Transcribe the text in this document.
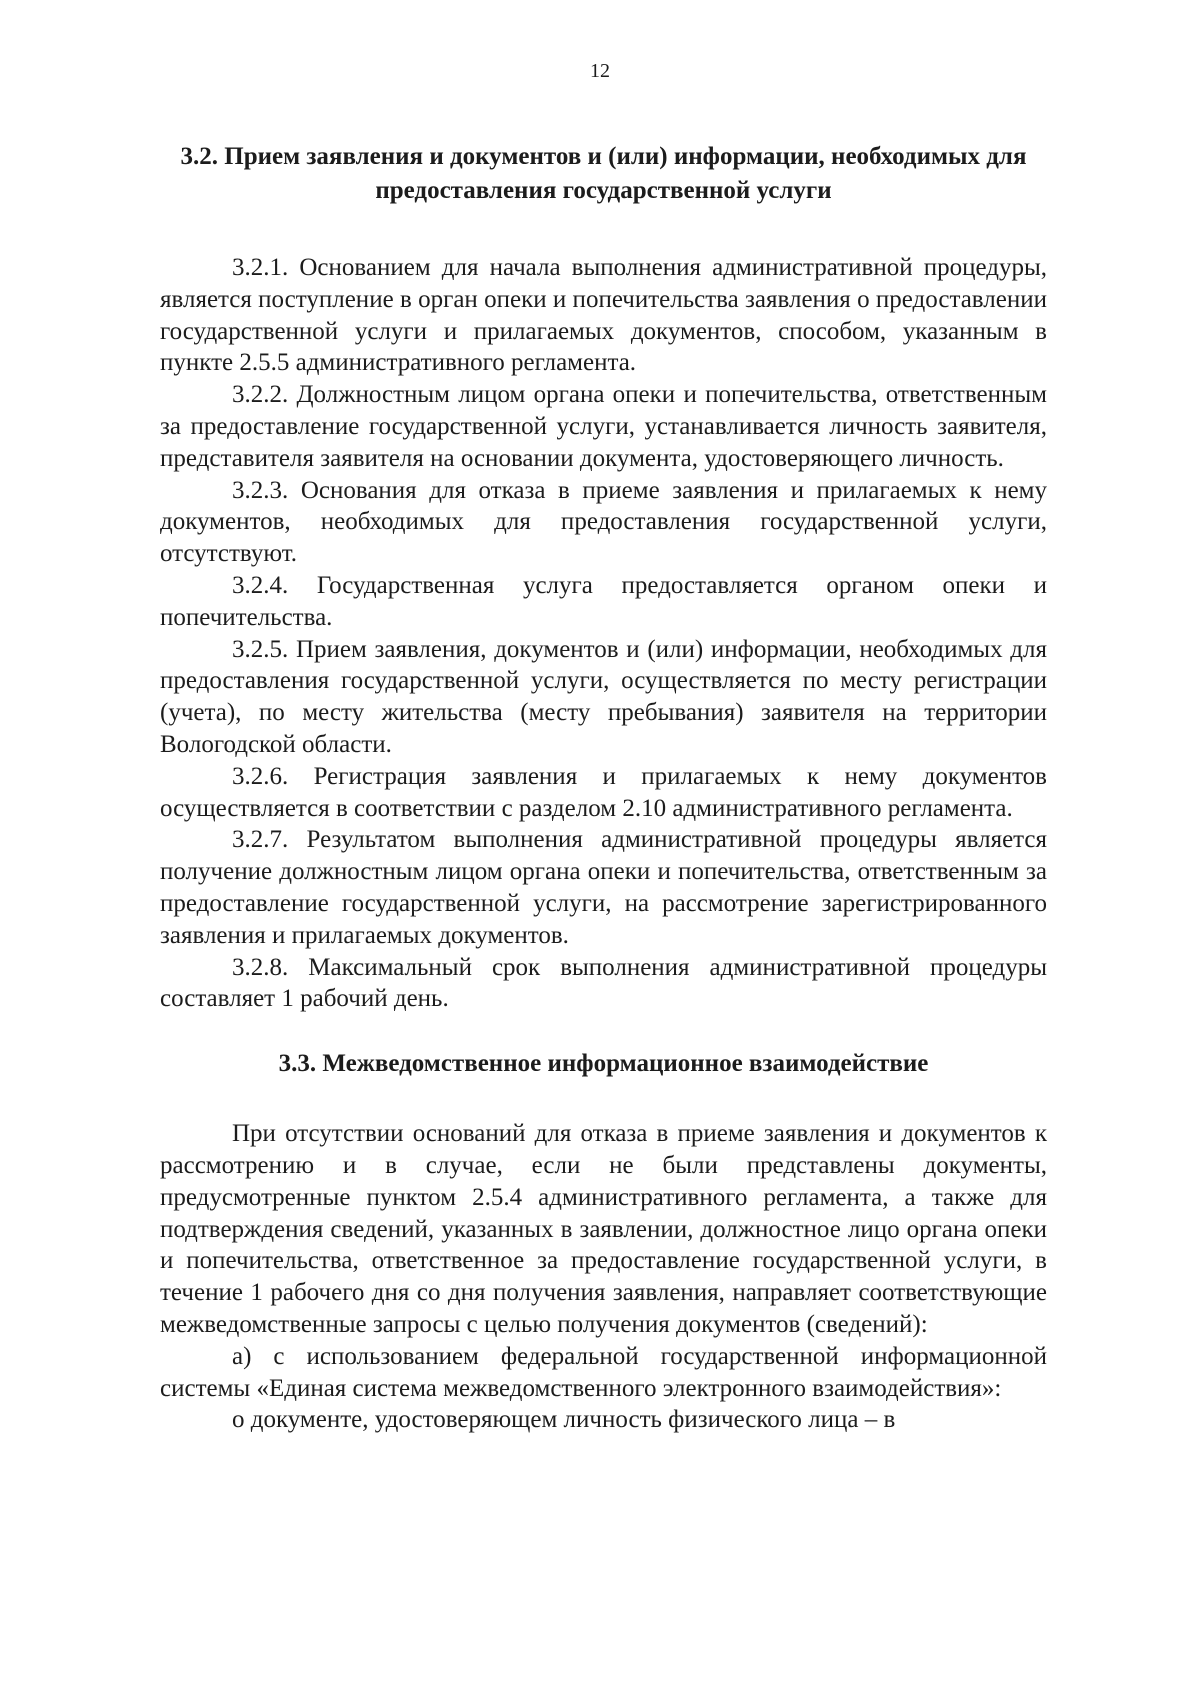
12
3.2. Прием заявления и документов и (или) информации, необходимых для предоставления государственной услуги

3.2.1. Основанием для начала выполнения административной процедуры, является поступление в орган опеки и попечительства заявления о предоставлении государственной услуги и прилагаемых документов, способом, указанным в пункте 2.5.5 административного регламента.

3.2.2. Должностным лицом органа опеки и попечительства, ответственным за предоставление государственной услуги, устанавливается личность заявителя, представителя заявителя на основании документа, удостоверяющего личность.

3.2.3. Основания для отказа в приеме заявления и прилагаемых к нему документов, необходимых для предоставления государственной услуги, отсутствуют.

3.2.4. Государственная услуга предоставляется органом опеки и попечительства.

3.2.5. Прием заявления, документов и (или) информации, необходимых для предоставления государственной услуги, осуществляется по месту регистрации (учета), по месту жительства (месту пребывания) заявителя на территории Вологодской области.

3.2.6. Регистрация заявления и прилагаемых к нему документов осуществляется в соответствии с разделом 2.10 административного регламента.

3.2.7. Результатом выполнения административной процедуры является получение должностным лицом органа опеки и попечительства, ответственным за предоставление государственной услуги, на рассмотрение зарегистрированного заявления и прилагаемых документов.

3.2.8. Максимальный срок выполнения административной процедуры составляет 1 рабочий день.

3.3. Межведомственное информационное взаимодействие

При отсутствии оснований для отказа в приеме заявления и документов к рассмотрению и в случае, если не были представлены документы, предусмотренные пунктом 2.5.4 административного регламента, а также для подтверждения сведений, указанных в заявлении, должностное лицо органа опеки и попечительства, ответственное за предоставление государственной услуги, в течение 1 рабочего дня со дня получения заявления, направляет соответствующие межведомственные запросы с целью получения документов (сведений):

а) с использованием федеральной государственной информационной системы «Единая система межведомственного электронного взаимодействия»:

о документе, удостоверяющем личность физического лица – в
